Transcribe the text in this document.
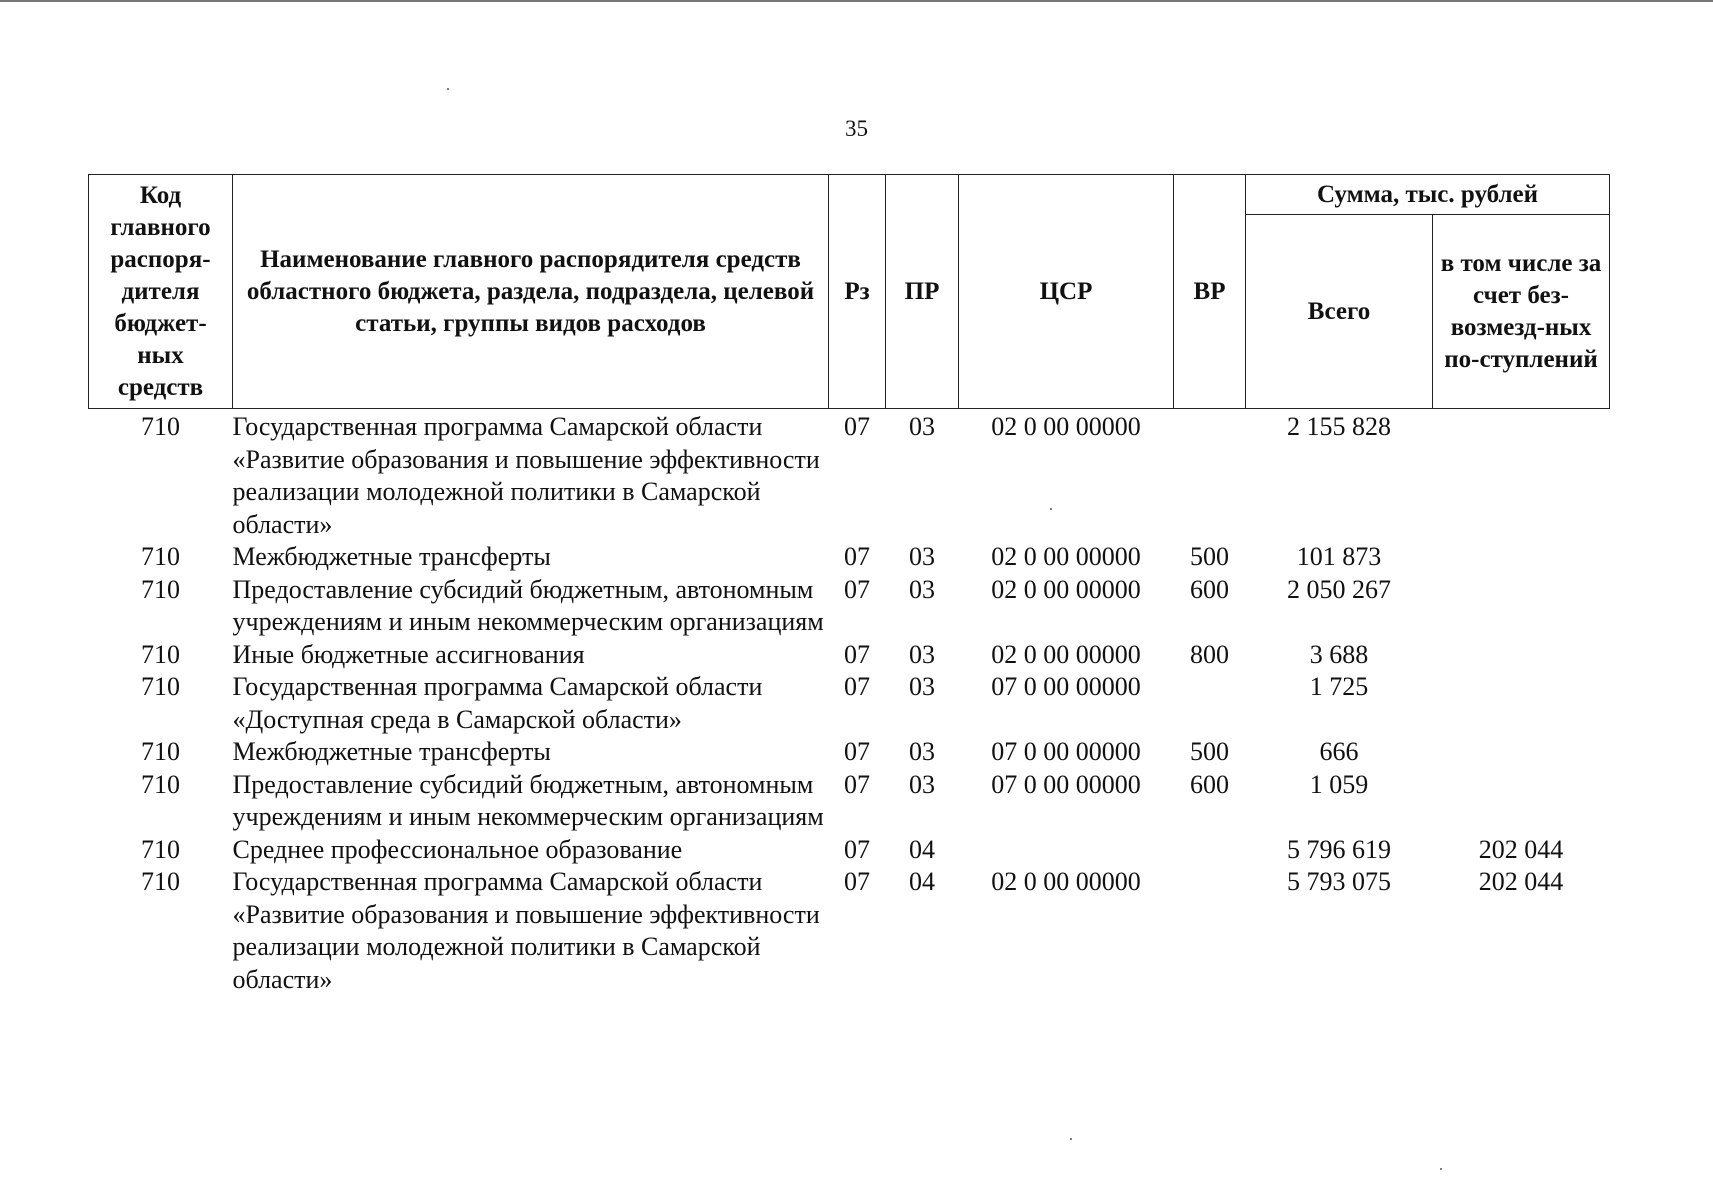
35
Код главного распоря-дителя бюджет-ных средств	Наименование главного распорядителя средств областного бюджета, раздела, подраздела, целевой статьи, группы видов расходов	Рз	ПР	ЦСР	ВР	Сумма, тыс. рублей	
						Всего	в том числе за счет без-возмезд-ных по-ступлений
710	Государственная программа Самарской области «Развитие образования и повышение эффективности реализации молодежной политики в Самарской области»	07	03	02 0 00 00000		2 155 828	
710	Межбюджетные трансферты	07	03	02 0 00 00000	500	101 873	
710	Предоставление субсидий бюджетным, автономным учреждениям и иным некоммерческим организациям	07	03	02 0 00 00000	600	2 050 267	
710	Иные бюджетные ассигнования	07	03	02 0 00 00000	800	3 688	
710	Государственная программа Самарской области «Доступная среда в Самарской области»	07	03	07 0 00 00000		1 725	
710	Межбюджетные трансферты	07	03	07 0 00 00000	500	666	
710	Предоставление субсидий бюджетным, автономным учреждениям и иным некоммерческим организациям	07	03	07 0 00 00000	600	1 059	
710	Среднее профессиональное образование	07	04			5 796 619	202 044
710	Государственная программа Самарской области «Развитие образования и повышение эффективности реализации молодежной политики в Самарской области»	07	04	02 0 00 00000		5 793 075	202 044
